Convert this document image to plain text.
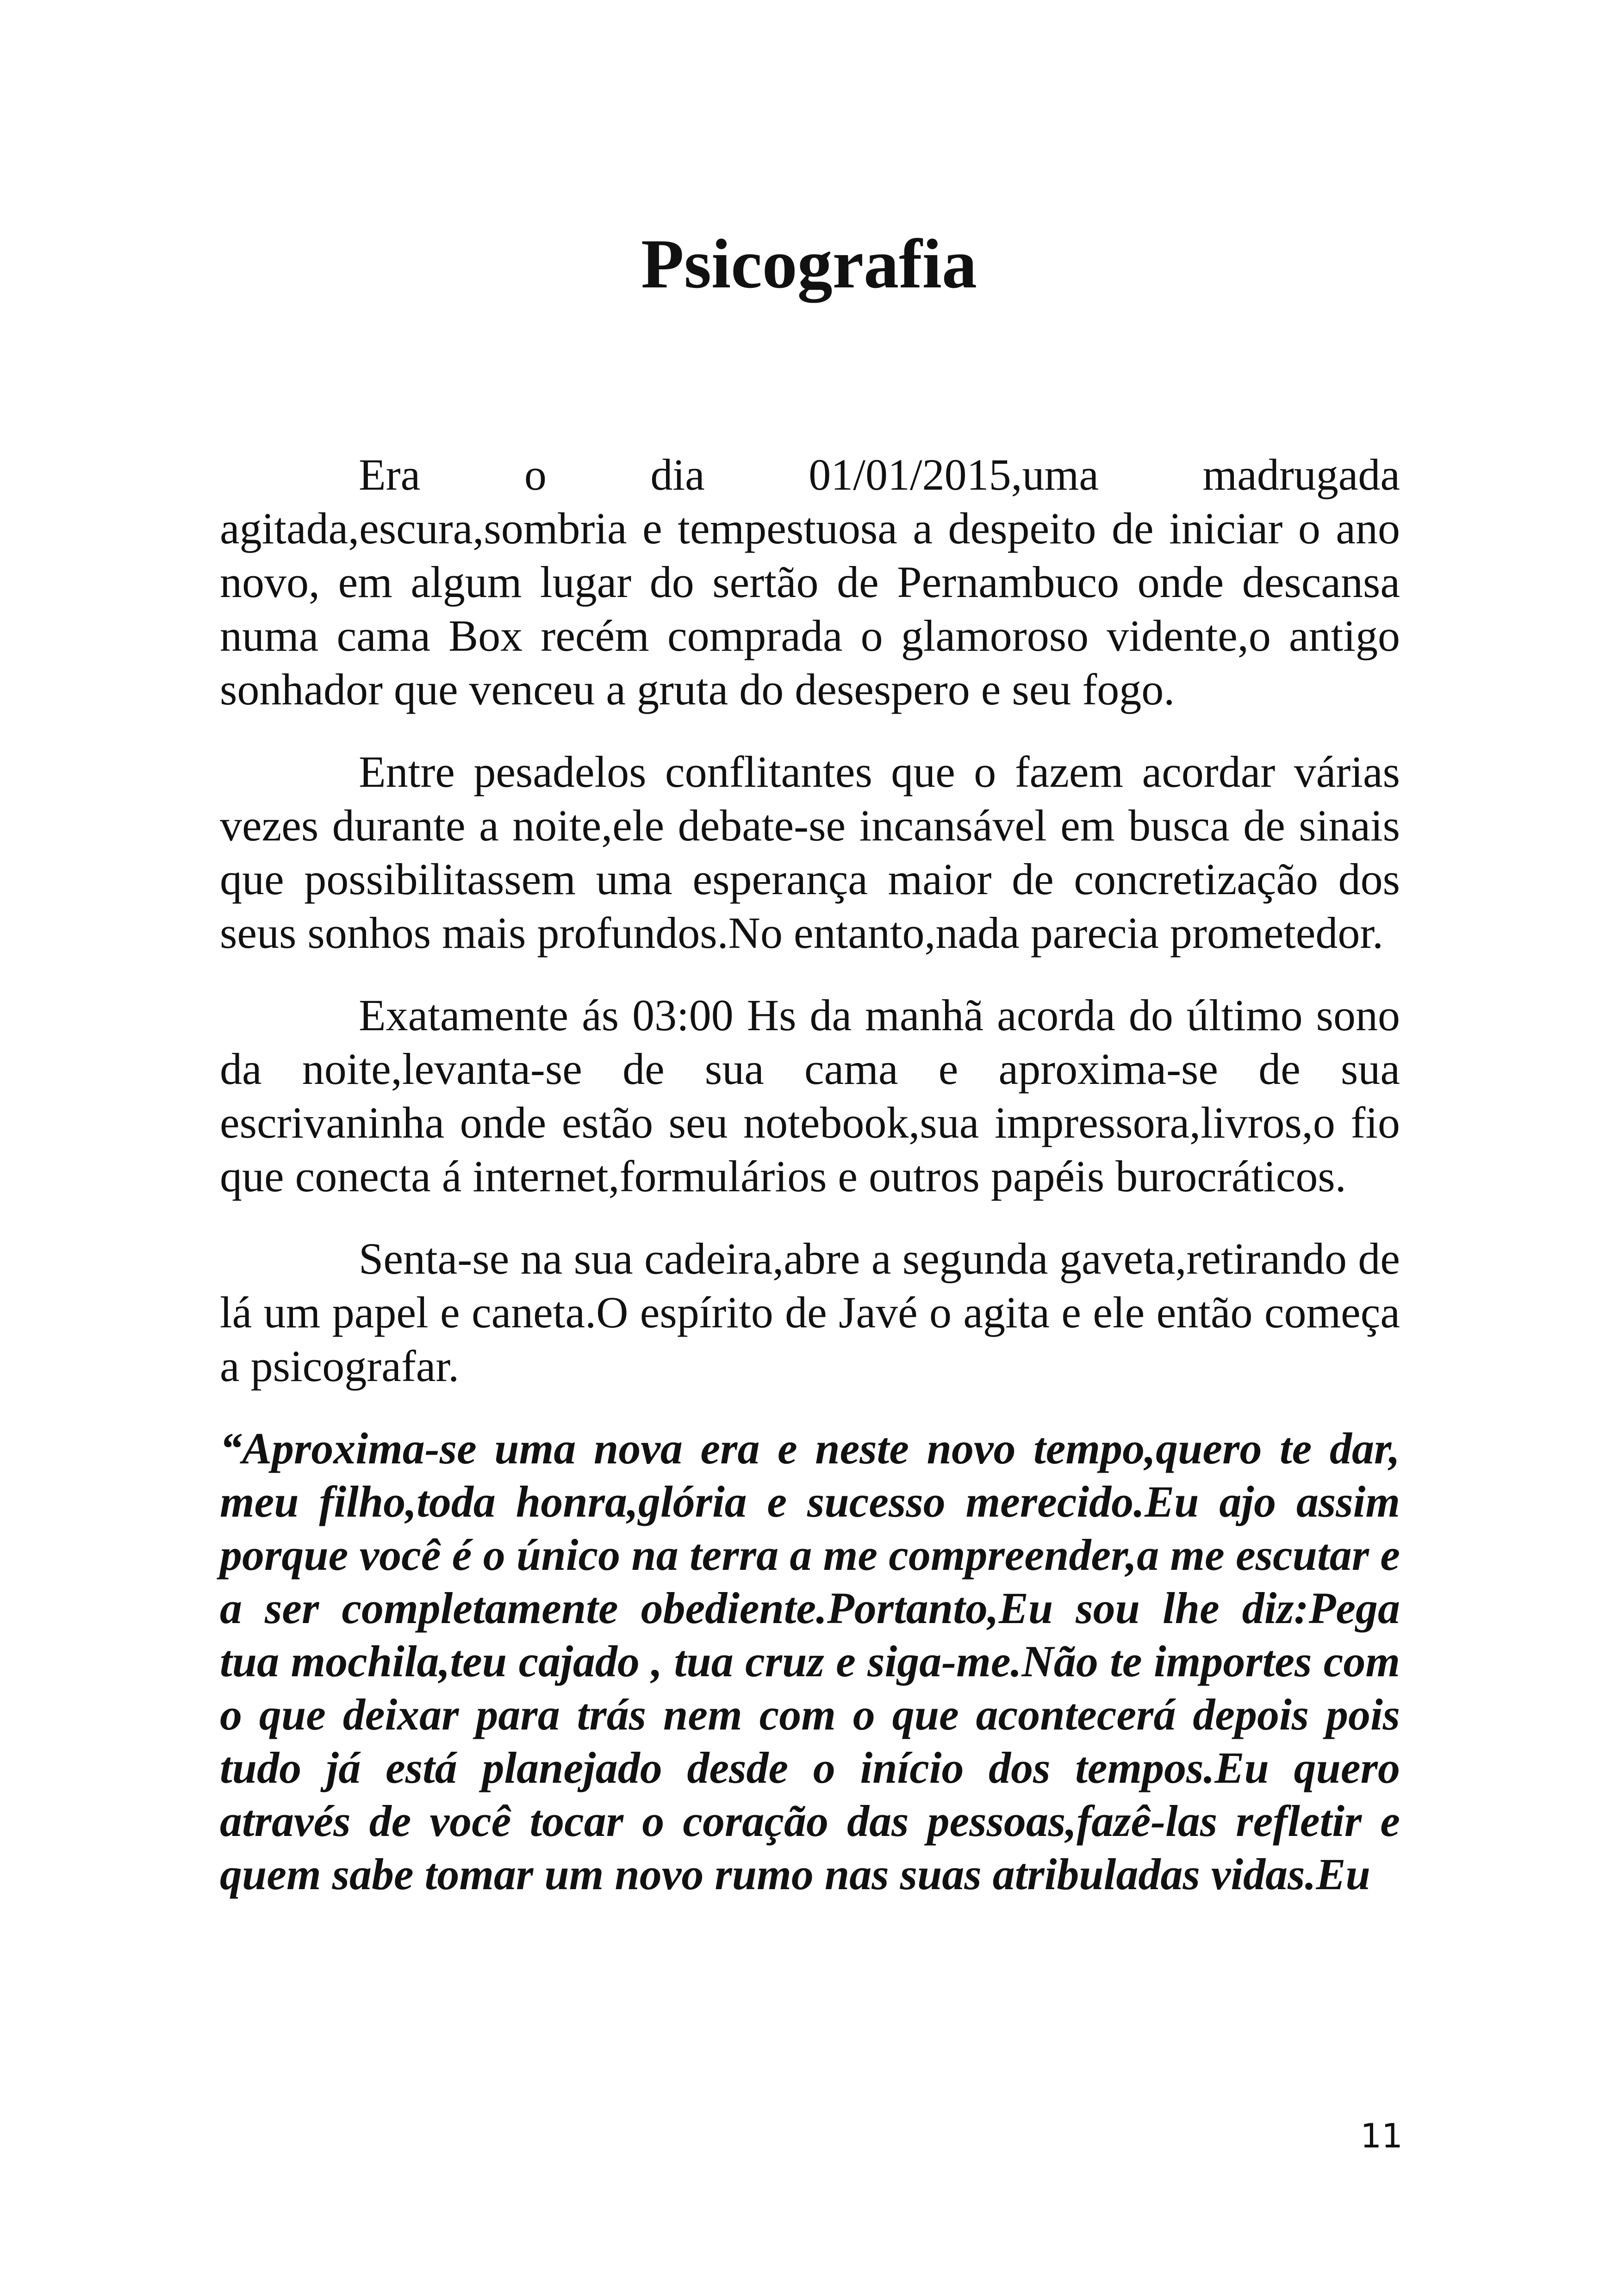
Psicografia

Era o dia 01/01/2015,uma madrugada agitada,escura,sombria e tempestuosa a despeito de iniciar o ano novo, em algum lugar do sertão de Pernambuco onde descansa numa cama Box recém comprada o glamoroso vidente,o antigo sonhador que venceu a gruta do desespero e seu fogo.

Entre pesadelos conflitantes que o fazem acordar várias vezes durante a noite,ele debate-se incansável em busca de sinais que possibilitassem uma esperança maior de concretização dos seus sonhos mais profundos.No entanto,nada parecia prometedor.

Exatamente ás 03:00 Hs da manhã acorda do último sono da noite,levanta-se de sua cama e aproxima-se de sua escrivaninha onde estão seu notebook,sua impressora,livros,o fio que conecta á internet,formulários e outros papéis burocráticos.

Senta-se na sua cadeira,abre a segunda gaveta,retirando de lá um papel e caneta.O espírito de Javé o agita e ele então começa a psicografar.

“Aproxima-se uma nova era e neste novo tempo,quero te dar, meu filho,toda honra,glória e sucesso merecido.Eu ajo assim porque você é o único na terra a me compreender,a me escutar e a ser completamente obediente.Portanto,Eu sou lhe diz:Pega tua mochila,teu cajado , tua cruz e siga-me.Não te importes com o que deixar para trás nem com o que acontecerá depois pois tudo já está planejado desde o início dos tempos.Eu quero através de você tocar o coração das pessoas,fazê-las refletir e quem sabe tomar um novo rumo nas suas atribuladas vidas.Eu

11
